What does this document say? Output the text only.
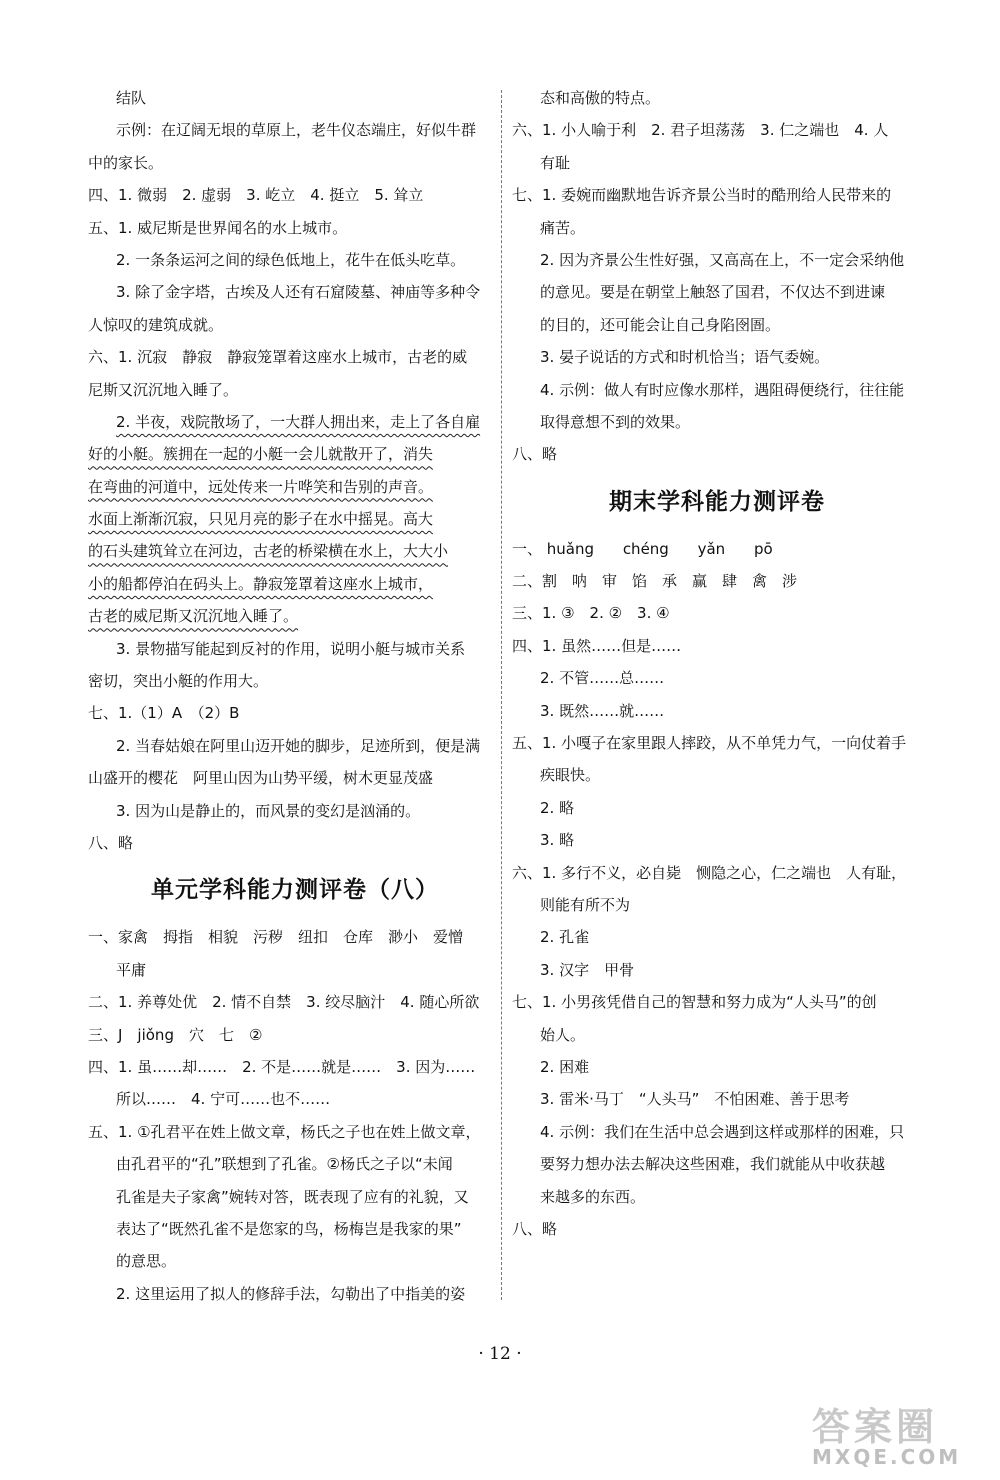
结队
示例：在辽阔无垠的草原上，老牛仪态端庄，好似牛群
中的家长。
四、1. 微弱　2. 虚弱　3. 屹立　4. 挺立　5. 耸立
五、1. 威尼斯是世界闻名的水上城市。
2. 一条条运河之间的绿色低地上，花牛在低头吃草。
3. 除了金字塔，古埃及人还有石窟陵墓、神庙等多种令
人惊叹的建筑成就。
六、1. 沉寂　静寂　静寂笼罩着这座水上城市，古老的威
尼斯又沉沉地入睡了。
2. 半夜，戏院散场了，一大群人拥出来，走上了各自雇
好的小艇。簇拥在一起的小艇一会儿就散开了，消失
在弯曲的河道中，远处传来一片哗笑和告别的声音。
水面上渐渐沉寂，只见月亮的影子在水中摇晃。高大
的石头建筑耸立在河边，古老的桥梁横在水上，大大小
小的船都停泊在码头上。静寂笼罩着这座水上城市，
古老的威尼斯又沉沉地入睡了。
3. 景物描写能起到反衬的作用，说明小艇与城市关系
密切，突出小艇的作用大。
七、1.（1）A　（2）B
2. 当春姑娘在阿里山迈开她的脚步，足迹所到，便是满
山盛开的樱花　阿里山因为山势平缓，树木更显茂盛
3. 因为山是静止的，而风景的变幻是汹涌的。
八、略
单元学科能力测评卷（八）
一、家禽　拇指　相貌　污秽　纽扣　仓库　渺小　爱憎
平庸
二、1. 养尊处优　2. 情不自禁　3. 绞尽脑汁　4. 随心所欲
三、J　jiǒng　穴　七　②
四、1. 虽……却……　2. 不是……就是……　3. 因为……
所以……　4. 宁可……也不……
五、1. ①孔君平在姓上做文章，杨氏之子也在姓上做文章，
由孔君平的“孔”联想到了孔雀。②杨氏之子以“未闻
孔雀是夫子家禽”婉转对答，既表现了应有的礼貌，又
表达了“既然孔雀不是您家的鸟，杨梅岂是我家的果”
的意思。
2. 这里运用了拟人的修辞手法，勾勒出了中指美的姿
态和高傲的特点。
六、1. 小人喻于利　2. 君子坦荡荡　3. 仁之端也　4. 人
有耻
七、1. 委婉而幽默地告诉齐景公当时的酷刑给人民带来的
痛苦。
2. 因为齐景公生性好强，又高高在上，不一定会采纳他
的意见。要是在朝堂上触怒了国君，不仅达不到进谏
的目的，还可能会让自己身陷囹圄。
3. 晏子说话的方式和时机恰当；语气委婉。
4. 示例：做人有时应像水那样，遇阻碍便绕行，往往能
取得意想不到的效果。
八、略
期末学科能力测评卷
一、 huǎng chéng yǎn pō
二、割　呐　审　馅　承　赢　肆　禽　涉
三、1. ③　2. ②　3. ④
四、1. 虽然……但是……
2. 不管……总……
3. 既然……就……
五、1. 小嘎子在家里跟人摔跤，从不单凭力气，一向仗着手
疾眼快。
2. 略
3. 略
六、1. 多行不义，必自毙　恻隐之心，仁之端也　人有耻，
则能有所不为
2. 孔雀
3. 汉字　甲骨
七、1. 小男孩凭借自己的智慧和努力成为“人头马”的创
始人。
2. 困难
3. 雷米·马丁　“人头马”　不怕困难、善于思考
4. 示例：我们在生活中总会遇到这样或那样的困难，只
要努力想办法去解决这些困难，我们就能从中收获越
来越多的东西。
八、略
· 12 ·
答案圈
MXQE.COM
